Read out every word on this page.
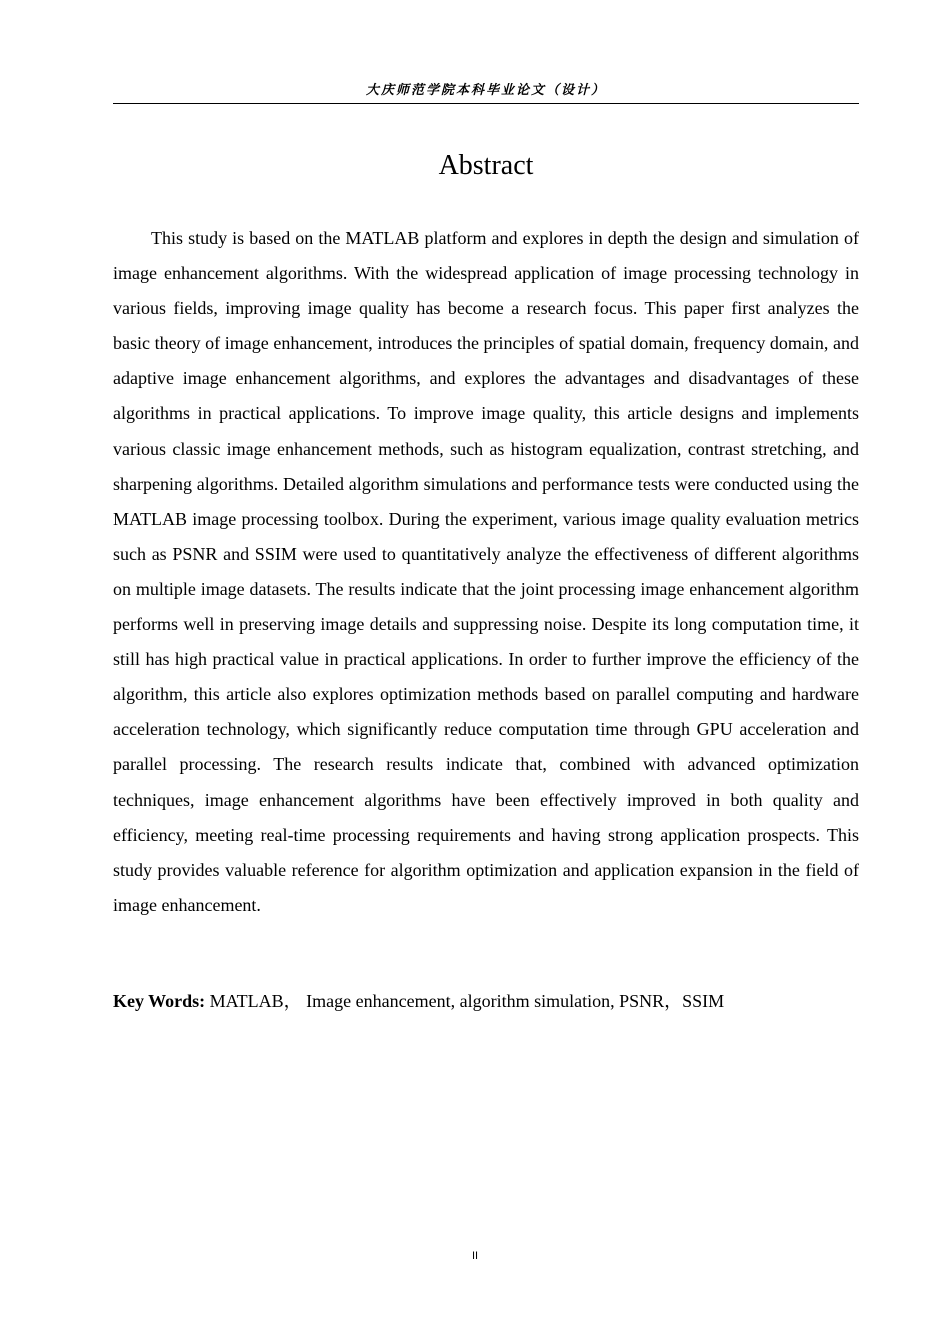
大庆师范学院本科毕业论文（设计）
Abstract

This study is based on the MATLAB platform and explores in depth the design and simulation of image enhancement algorithms. With the widespread application of image processing technology in various fields, improving image quality has become a research focus. This paper first analyzes the basic theory of image enhancement, introduces the principles of spatial domain, frequency domain, and adaptive image enhancement algorithms, and explores the advantages and disadvantages of these algorithms in practical applications. To improve image quality, this article designs and implements various classic image enhancement methods, such as histogram equalization, contrast stretching, and sharpening algorithms. Detailed algorithm simulations and performance tests were conducted using the MATLAB image processing toolbox. During the experiment, various image quality evaluation metrics such as PSNR and SSIM were used to quantitatively analyze the effectiveness of different algorithms on multiple image datasets. The results indicate that the joint processing image enhancement algorithm performs well in preserving image details and suppressing noise. Despite its long computation time, it still has high practical value in practical applications. In order to further improve the efficiency of the algorithm, this article also explores optimization methods based on parallel computing and hardware acceleration technology, which significantly reduce computation time through GPU acceleration and parallel processing. The research results indicate that, combined with advanced optimization techniques, image enhancement algorithms have been effectively improved in both quality and efficiency, meeting real-time processing requirements and having strong application prospects. This study provides valuable reference for algorithm optimization and application expansion in the field of image enhancement.

Key Words: MATLAB， Image enhancement, algorithm simulation, PSNR，SSIM

II
